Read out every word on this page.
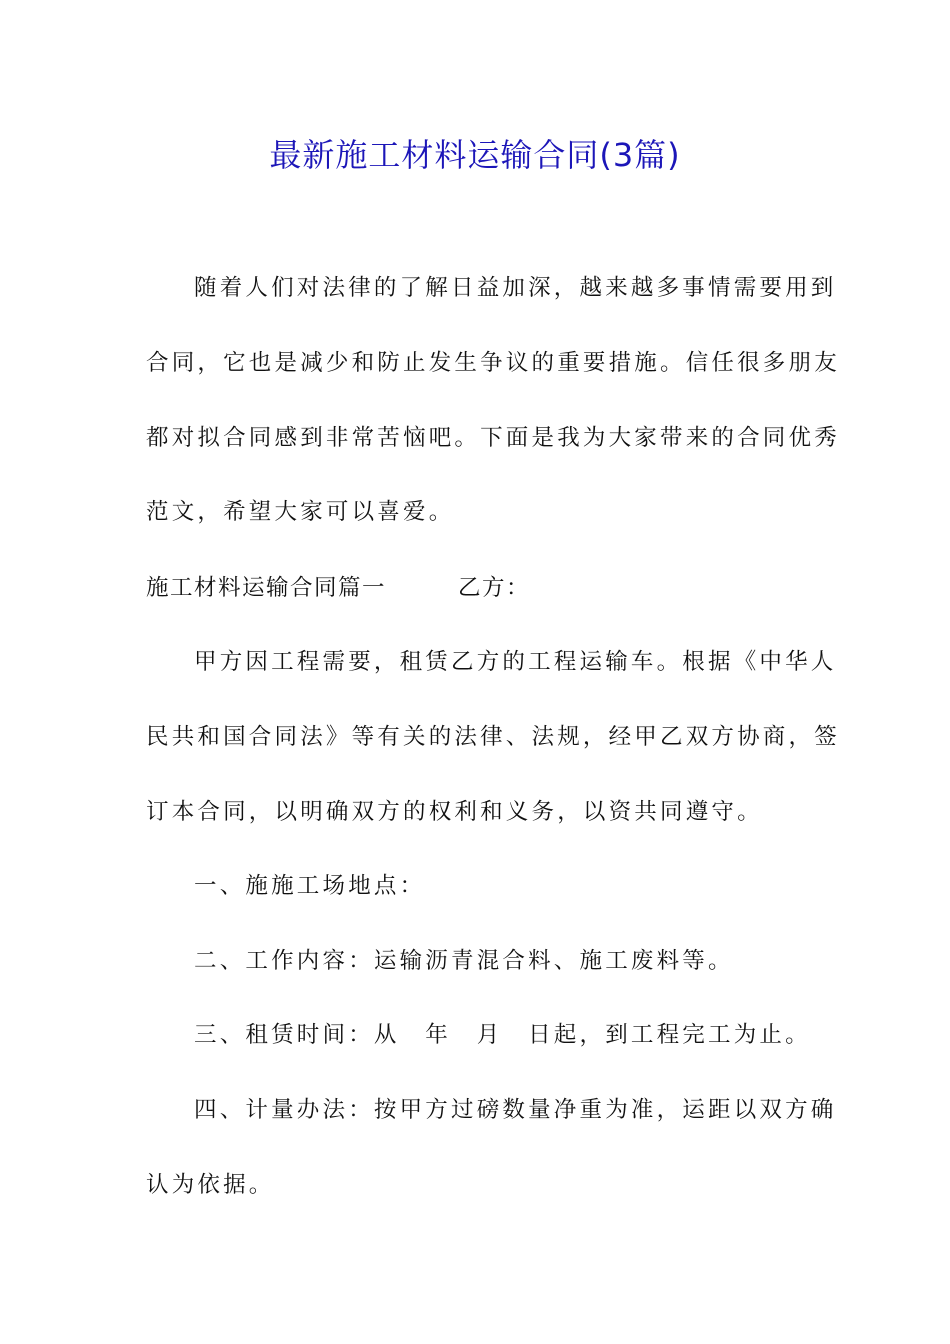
最新施工材料运输合同(3篇)

随着人们对法律的了解日益加深，越来越多事情需要用到

合同，它也是减少和防止发生争议的重要措施。信任很多朋友

都对拟合同感到非常苦恼吧。下面是我为大家带来的合同优秀

范文，希望大家可以喜爱。

施工材料运输合同篇一　　　乙方：

甲方因工程需要，租赁乙方的工程运输车。根据《中华人

民共和国合同法》等有关的法律、法规，经甲乙双方协商，签

订本合同，以明确双方的权利和义务，以资共同遵守。

一、施施工场地点：

二、工作内容：运输沥青混合料、施工废料等。

三、租赁时间：从　年　月　日起，到工程完工为止。

四、计量办法：按甲方过磅数量净重为准，运距以双方确

认为依据。
